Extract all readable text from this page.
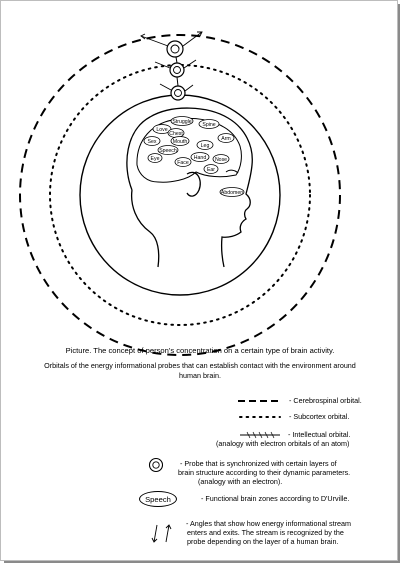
Struggle Spine
Love
Chest
Sex	Mouth
Speech
Leg
Hand
Face
Eye	Nose
Ear
Arm
Abdomen
Picture. The concept of person's concentration on a certain type of brain activity.
Orbitals of the energy informational probes that can establish contact with the environment around
human brain.
- Cerebrospinal orbital.
- Subcortex orbital.
- Intellectual orbital.
(analogy with electron orbitals of an atom)
- Probe that is synchronized with certain layers of
brain structure according to their dynamic parameters.
(analogy with an electron).
Speech	- Functional brain zones according to D'Urville.
- Angles that show how energy informational stream
enters and exits. The stream is recognized by the
probe depending on the layer of a human brain.
